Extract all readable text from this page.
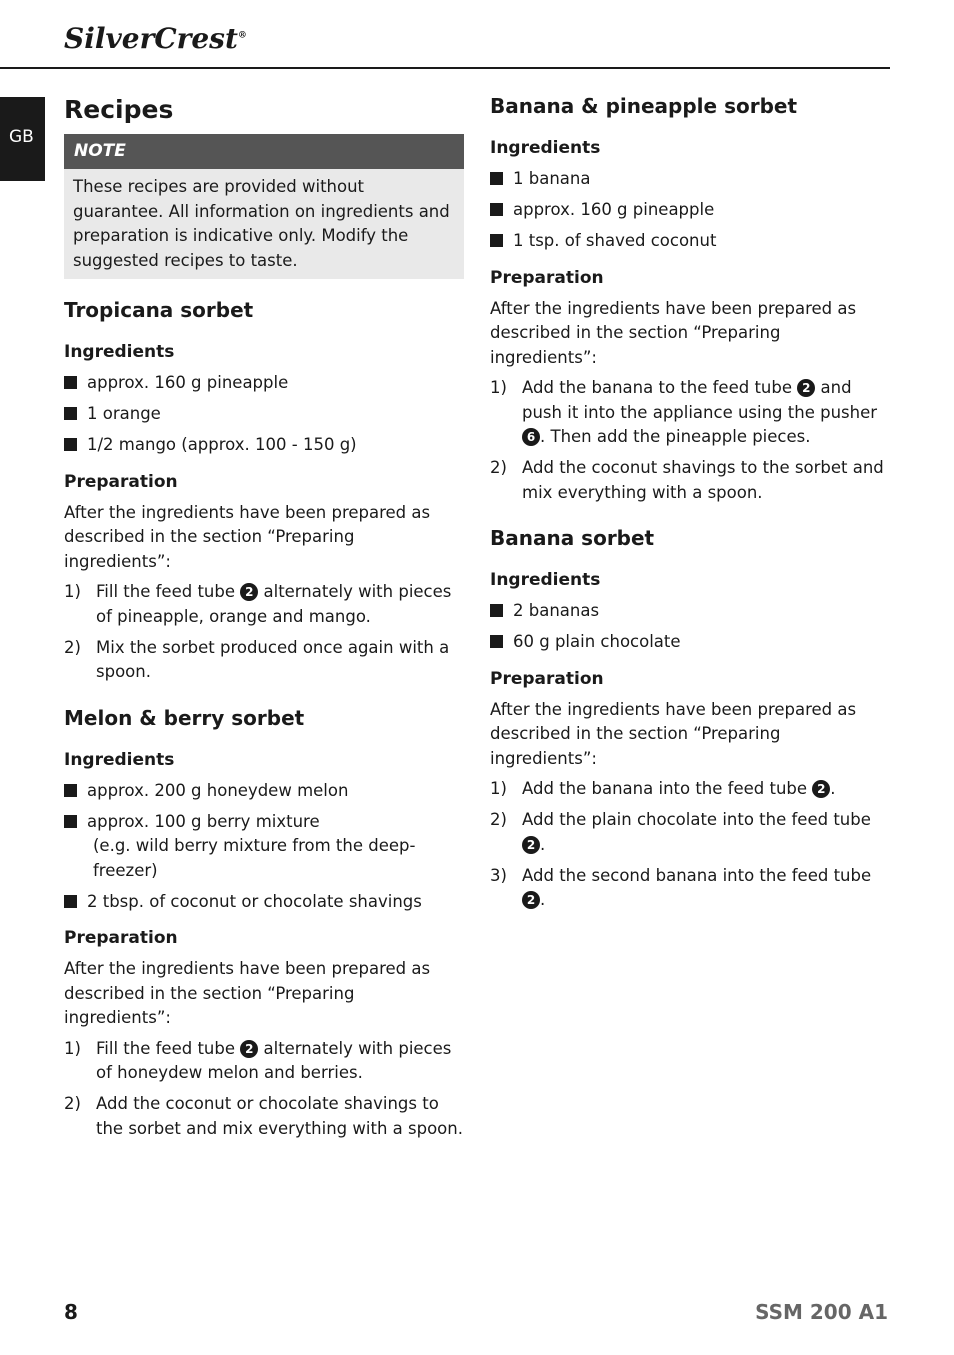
SilverCrest®
GB
Recipes
NOTE
These recipes are provided without guarantee. All information on ingredients and preparation is indicative only. Modify the suggested recipes to taste.
Tropicana sorbet
Ingredients
approx. 160 g pineapple
1 orange
1/2 mango (approx. 100 - 150 g)
Preparation
After the ingredients have been prepared as described in the section “Preparing ingredients”:
1) Fill the feed tube 2 alternately with pieces of pineapple, orange and mango.
2) Mix the sorbet produced once again with a spoon.
Melon & berry sorbet
Ingredients
approx. 200 g honeydew melon
approx. 100 g berry mixture
(e.g. wild berry mixture from the deep-freezer)
2 tbsp. of coconut or chocolate shavings
Preparation
After the ingredients have been prepared as described in the section “Preparing ingredients”:
1) Fill the feed tube 2 alternately with pieces of honeydew melon and berries.
2) Add the coconut or chocolate shavings to the sorbet and mix everything with a spoon.
Banana & pineapple sorbet
Ingredients
1 banana
approx. 160 g pineapple
1 tsp. of shaved coconut
Preparation
After the ingredients have been prepared as described in the section “Preparing ingredients”:
1) Add the banana to the feed tube 2 and push it into the appliance using the pusher 6 . Then add the pineapple pieces.
2) Add the coconut shavings to the sorbet and mix everything with a spoon.
Banana sorbet
Ingredients
2 bananas
60 g plain chocolate
Preparation
After the ingredients have been prepared as described in the section “Preparing ingredients”:
1) Add the banana into the feed tube 2 .
2) Add the plain chocolate into the feed tube 2 .
3) Add the second banana into the feed tube 2 .
8	SSM 200 A1
